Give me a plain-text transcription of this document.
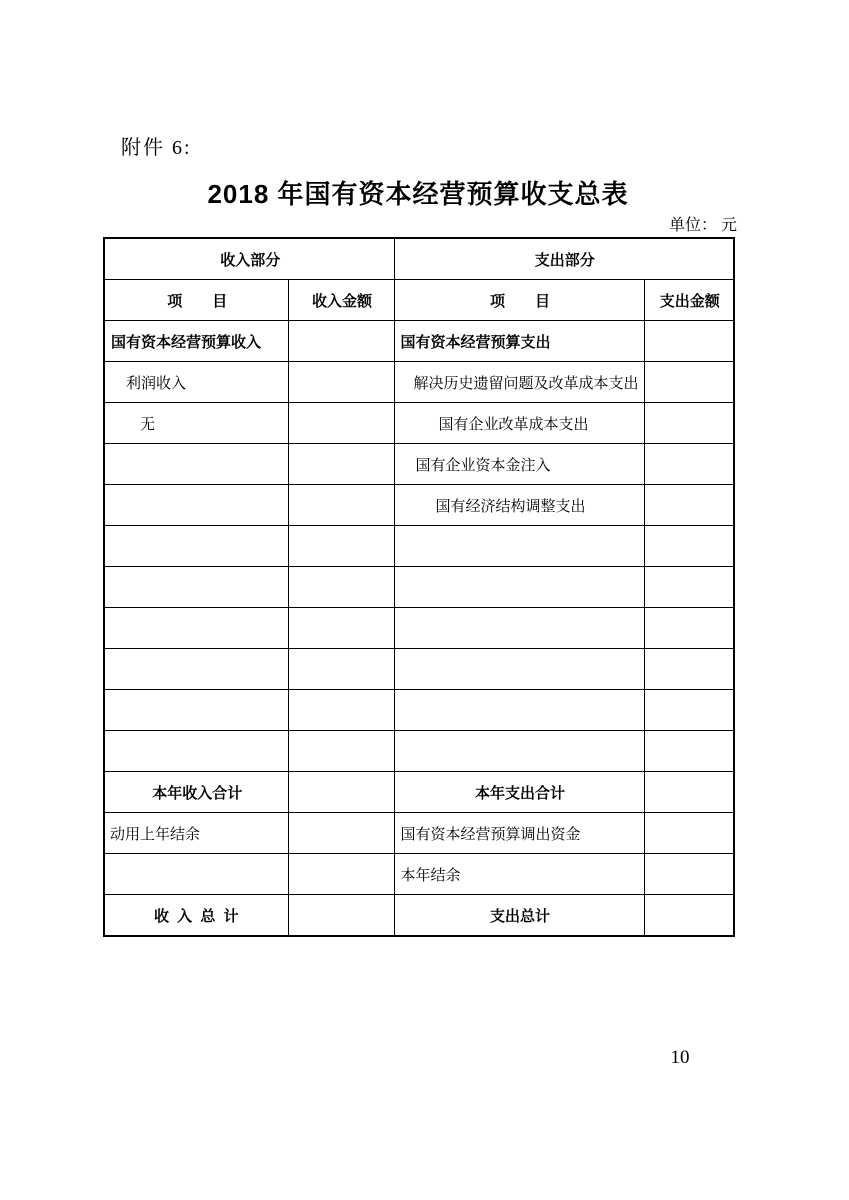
附件 6:
2018 年国有资本经营预算收支总表
单位： 元
收入部分		支出部分	
项　　目	收入金额	项　　目	支出金额
国有资本经营预算收入		国有资本经营预算支出	
利润收入		解决历史遗留问题及改革成本支出	
无		国有企业改革成本支出	
		国有企业资本金注入	
		国有经济结构调整支出	

本年收入合计		本年支出合计	
动用上年结余		国有资本经营预算调出资金	
		本年结余	
收 入 总 计		支出总计	
10
